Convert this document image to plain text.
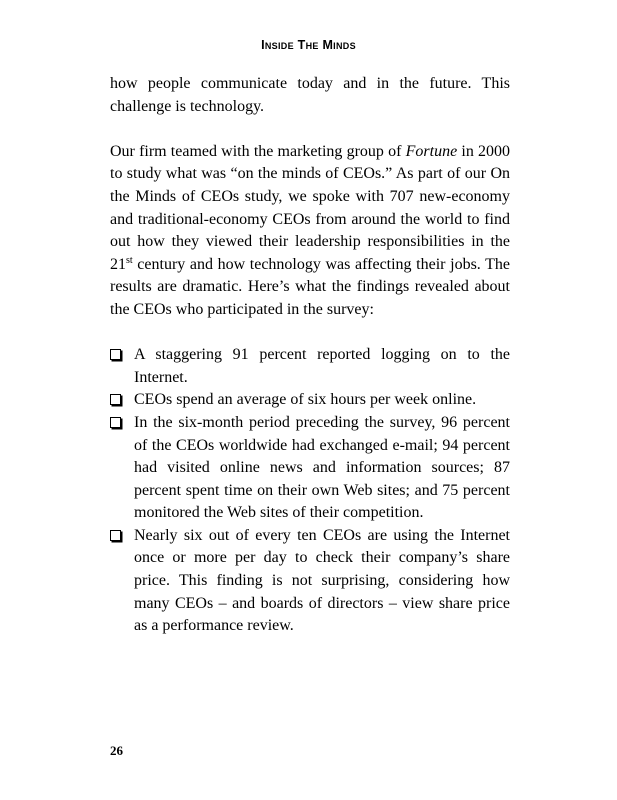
Inside The Minds

how people communicate today and in the future. This challenge is technology.

Our firm teamed with the marketing group of Fortune in 2000 to study what was “on the minds of CEOs.” As part of our On the Minds of CEOs study, we spoke with 707 new-economy and traditional-economy CEOs from around the world to find out how they viewed their leadership responsibilities in the 21st century and how technology was affecting their jobs. The results are dramatic. Here’s what the findings revealed about the CEOs who participated in the survey:

A staggering 91 percent reported logging on to the Internet.
CEOs spend an average of six hours per week online.
In the six-month period preceding the survey, 96 percent of the CEOs worldwide had exchanged e-mail; 94 percent had visited online news and information sources; 87 percent spent time on their own Web sites; and 75 percent monitored the Web sites of their competition.
Nearly six out of every ten CEOs are using the Internet once or more per day to check their company’s share price. This finding is not surprising, considering how many CEOs – and boards of directors – view share price as a performance review.
26
